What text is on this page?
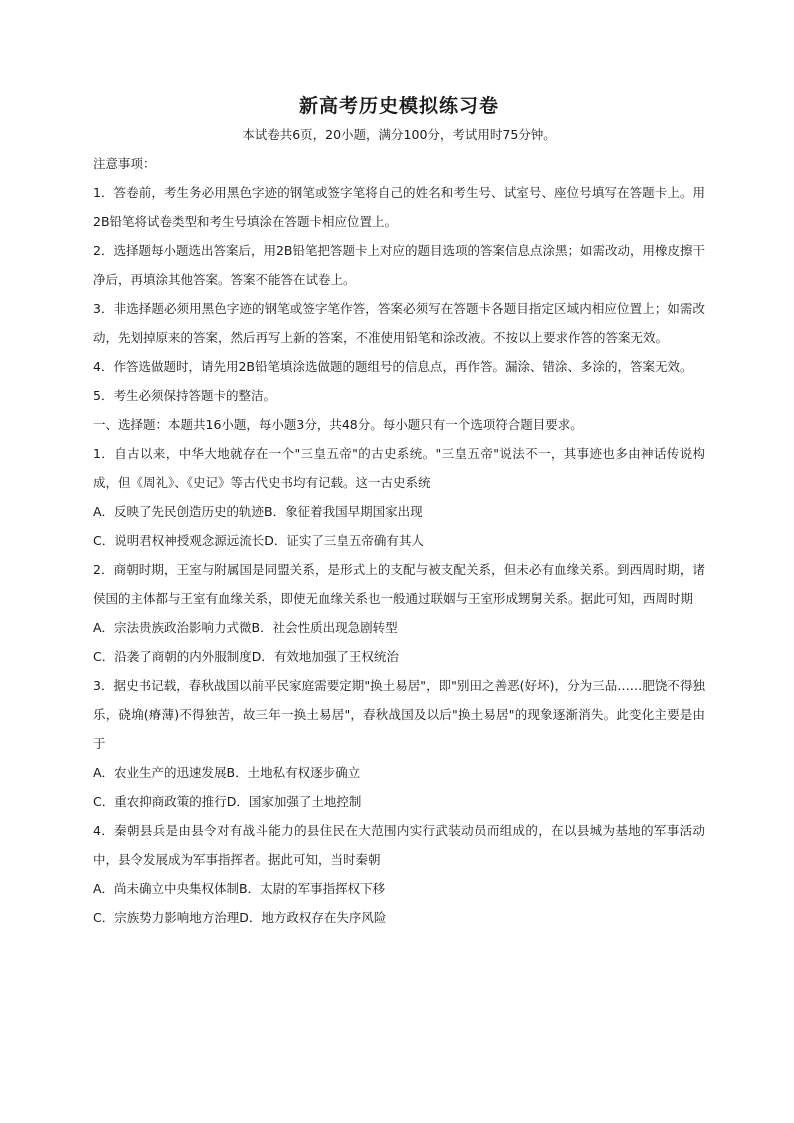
新高考历史模拟练习卷

本试卷共6页，20小题，满分100分，考试用时75分钟。

注意事项：

1．答卷前，考生务必用黑色字迹的钢笔或签字笔将自己的姓名和考生号、试室号、座位号填写在答题卡上。用2B铅笔将试卷类型和考生号填涂在答题卡相应位置上。

2．选择题每小题选出答案后，用2B铅笔把答题卡上对应的题目选项的答案信息点涂黑；如需改动，用橡皮擦干净后，再填涂其他答案。答案不能答在试卷上。

3．非选择题必须用黑色字迹的钢笔或签字笔作答，答案必须写在答题卡各题目指定区域内相应位置上；如需改动，先划掉原来的答案，然后再写上新的答案，不准使用铅笔和涂改液。不按以上要求作答的答案无效。

4．作答选做题时，请先用2B铅笔填涂选做题的题组号的信息点，再作答。漏涂、错涂、多涂的，答案无效。

5．考生必须保持答题卡的整洁。

一、选择题：本题共16小题，每小题3分，共48分。每小题只有一个选项符合题目要求。

1．自古以来，中华大地就存在一个"三皇五帝"的古史系统。"三皇五帝"说法不一，其事迹也多由神话传说构成，但《周礼》、《史记》等古代史书均有记载。这一古史系统

A．反映了先民创造历史的轨迹B．象征着我国早期国家出现

C．说明君权神授观念源远流长D．证实了三皇五帝确有其人

2．商朝时期，王室与附属国是同盟关系，是形式上的支配与被支配关系，但未必有血缘关系。到西周时期，诸侯国的主体都与王室有血缘关系，即使无血缘关系也一般通过联姻与王室形成甥舅关系。据此可知，西周时期

A．宗法贵族政治影响力式微B．社会性质出现急剧转型

C．沿袭了商朝的内外服制度D．有效地加强了王权统治

3．据史书记载，春秋战国以前平民家庭需要定期"换土易居"，即"别田之善恶(好坏)，分为三品……肥饶不得独乐，硗埆(瘠薄)不得独苦，故三年一换土易居"，春秋战国及以后"换土易居"的现象逐渐消失。此变化主要是由于

A．农业生产的迅速发展B．土地私有权逐步确立

C．重农抑商政策的推行D．国家加强了土地控制

4．秦朝县兵是由县令对有战斗能力的县住民在大范围内实行武装动员而组成的，在以县城为基地的军事活动中，县令发展成为军事指挥者。据此可知，当时秦朝

A．尚未确立中央集权体制B．太尉的军事指挥权下移

C．宗族势力影响地方治理D．地方政权存在失序风险
